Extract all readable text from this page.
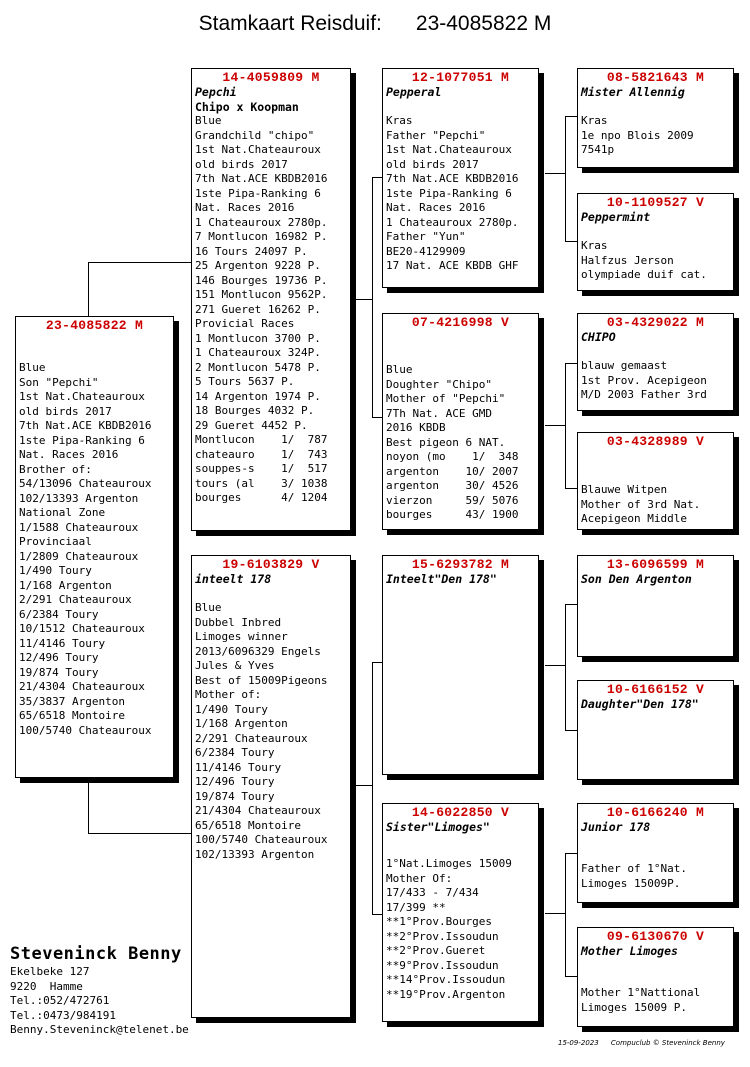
Stamkaart Reisduif: 23-4085822 M
23-4085822 M
Blue
Son "Pepchi"
1st Nat.Chateauroux
old birds 2017
7th Nat.ACE KBDB2016
1ste Pipa-Ranking 6
Nat. Races 2016
Brother of:
54/13096 Chateauroux
102/13393 Argenton
National Zone
1/1588 Chateauroux
Provinciaal
1/2809 Chateauroux
1/490 Toury
1/168 Argenton
2/291 Chateauroux
6/2384 Toury
10/1512 Chateauroux
11/4146 Toury
12/496 Toury
19/874 Toury
21/4304 Chateauroux
35/3837 Argenton
65/6518 Montoire
100/5740 Chateauroux
14-4059809 M
Pepchi
Chipo x Koopman
Blue
Grandchild "chipo"
1st Nat.Chateauroux
old birds 2017
7th Nat.ACE KBDB2016
1ste Pipa-Ranking 6
Nat. Races 2016
1 Chateauroux 2780p.
7 Montlucon 16982 P.
16 Tours 24097 P.
25 Argenton 9228 P.
146 Bourges 19736 P.
151 Montlucon 9562P.
271 Gueret 16262 P.
Provicial Races
1 Montlucon 3700 P.
1 Chateauroux 324P.
2 Montlucon 5478 P.
5 Tours 5637 P.
14 Argenton 1974 P.
18 Bourges 4032 P.
29 Gueret 4452 P.
Montlucon    1/  787
chateauro    1/  743
souppes-s    1/  517
tours (al    3/ 1038
bourges      4/ 1204
19-6103829 V
inteelt 178
Blue
Dubbel Inbred
Limoges winner
2013/6096329 Engels
Jules & Yves
Best of 15009Pigeons
Mother of:
1/490 Toury
1/168 Argenton
2/291 Chateauroux
6/2384 Toury
11/4146 Toury
12/496 Toury
19/874 Toury
21/4304 Chateauroux
65/6518 Montoire
100/5740 Chateauroux
102/13393 Argenton
12-1077051 M
Pepperal
Kras
Father "Pepchi"
1st Nat.Chateauroux
old birds 2017
7th Nat.ACE KBDB2016
1ste Pipa-Ranking 6
Nat. Races 2016
1 Chateauroux 2780p.
Father "Yun"
BE20-4129909
17 Nat. ACE KBDB GHF
07-4216998 V
Blue
Doughter "Chipo"
Mother of "Pepchi"
7Th Nat. ACE GMD
2016 KBDB
Best pigeon 6 NAT.
noyon (mo    1/  348
argenton    10/ 2007
argenton    30/ 4526
vierzon     59/ 5076
bourges     43/ 1900
15-6293782 M
Inteelt"Den 178"
14-6022850 V
Sister"Limoges"
1°Nat.Limoges 15009
Mother Of:
17/433 - 7/434
17/399 **
**1°Prov.Bourges
**2°Prov.Issoudun
**2°Prov.Gueret
**9°Prov.Issoudun
**14°Prov.Issoudun
**19°Prov.Argenton
08-5821643 M
Mister Allennig
Kras
1e npo Blois 2009
7541p
10-1109527 V
Peppermint
Kras
Halfzus Jerson
olympiade duif cat.
03-4329022 M
CHIPO
blauw gemaast
1st Prov. Acepigeon
M/D 2003 Father 3rd
03-4328989 V
Blauwe Witpen
Mother of 3rd Nat.
Acepigeon Middle
13-6096599 M
Son Den Argenton
10-6166152 V
Daughter"Den 178"
10-6166240 M
Junior 178
Father of 1°Nat.
Limoges 15009P.
09-6130670 V
Mother Limoges
Mother 1°Nattional
Limoges 15009 P.
Steveninck Benny
Ekelbeke 127
9220  Hamme
Tel.:052/472761
Tel.:0473/984191
Benny.Steveninck@telenet.be
15-09-2023 Compuclub © Steveninck Benny
